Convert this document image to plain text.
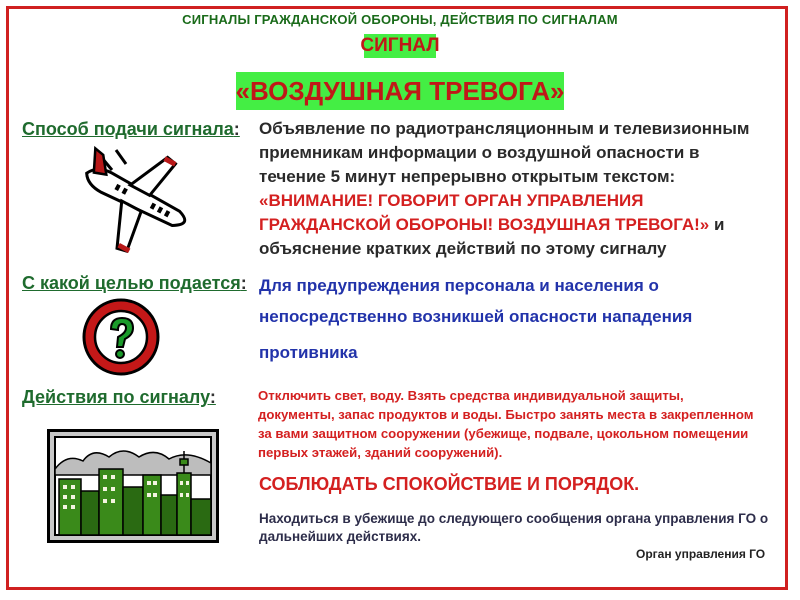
СИГНАЛЫ ГРАЖДАНСКОЙ ОБОРОНЫ, ДЕЙСТВИЯ ПО СИГНАЛАМ
СИГНАЛ
«ВОЗДУШНАЯ ТРЕВОГА»
Способ подачи сигнала: Объявление по радиотрансляционным и телевизионным
приемникам информации о воздушной опасности в
течение 5 минут непрерывно открытым текстом:
«ВНИМАНИЕ! ГОВОРИТ ОРГАН УПРАВЛЕНИЯ
ГРАЖДАНСКОЙ ОБОРОНЫ! ВОЗДУШНАЯ ТРЕВОГА!» и
объяснение кратких действий по этому сигналу
С какой целью подается: Для предупреждения персонала и населения о
непосредственно возникшей опасности нападения
противника
Действия по сигналу:	Отключить свет, воду. Взять средства индивидуальной защиты,
документы, запас продуктов и воды. Быстро занять места в закрепленном
за вами защитном сооружении (убежище, подвале, цокольном помещении
первых этажей, зданий сооружений).
СОБЛЮДАТЬ СПОКОЙСТВИЕ И ПОРЯДОК.
Находиться в убежище до следующего сообщения органа управления ГО о
дальнейших действиях.
Орган управления ГО
